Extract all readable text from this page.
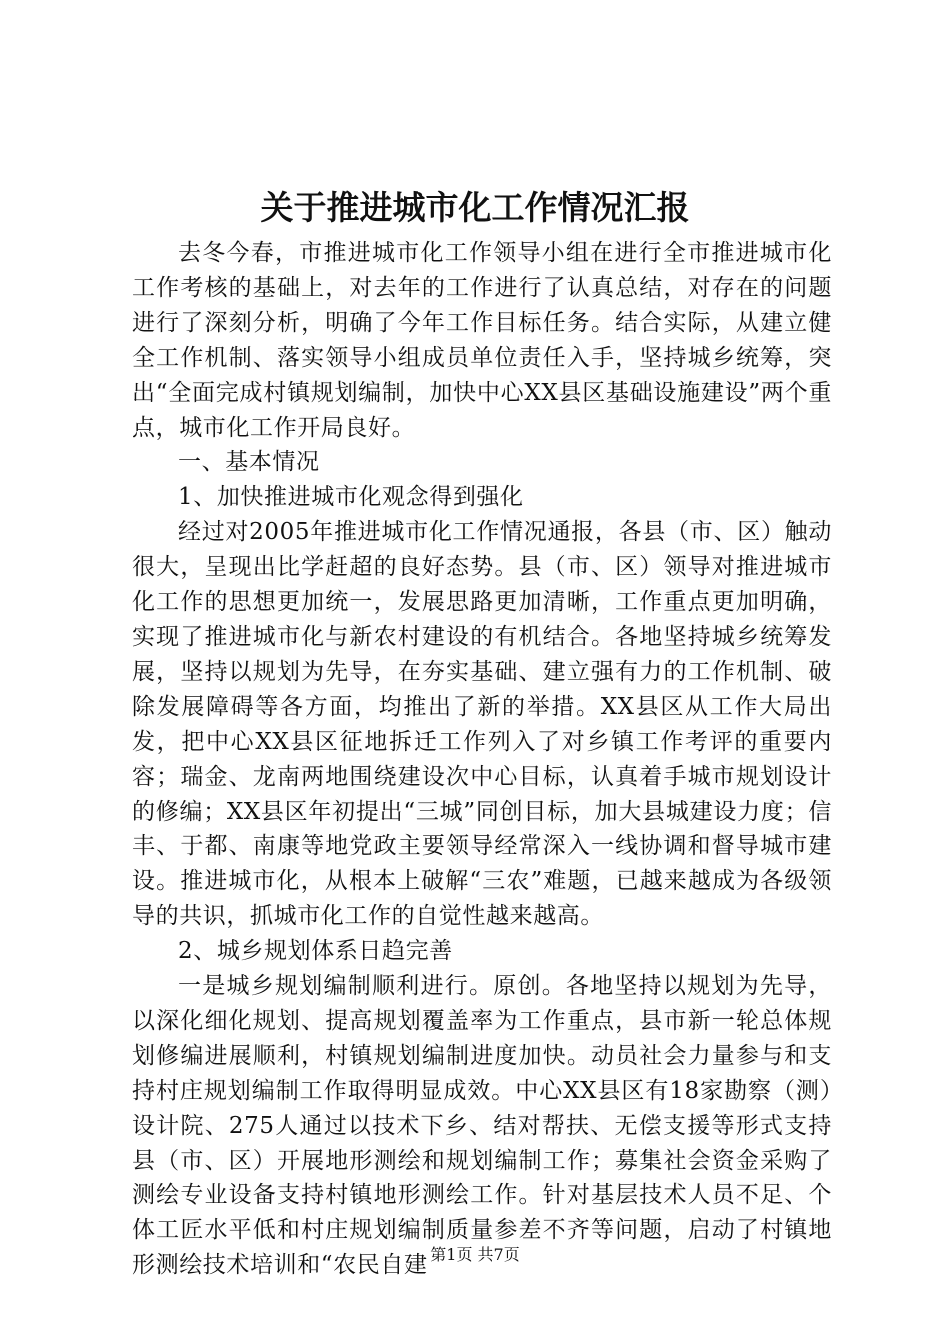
关于推进城市化工作情况汇报

去冬今春，市推进城市化工作领导小组在进行全市推进城市化工作考核的基础上，对去年的工作进行了认真总结，对存在的问题进行了深刻分析，明确了今年工作目标任务。结合实际，从建立健全工作机制、落实领导小组成员单位责任入手，坚持城乡统筹，突出“全面完成村镇规划编制，加快中心XX县区基础设施建设”两个重点，城市化工作开局良好。

一、基本情况

1、加快推进城市化观念得到强化

经过对2005年推进城市化工作情况通报，各县（市、区）触动很大，呈现出比学赶超的良好态势。县（市、区）领导对推进城市化工作的思想更加统一，发展思路更加清晰，工作重点更加明确，实现了推进城市化与新农村建设的有机结合。各地坚持城乡统筹发展，坚持以规划为先导，在夯实基础、建立强有力的工作机制、破除发展障碍等各方面，均推出了新的举措。XX县区从工作大局出发，把中心XX县区征地拆迁工作列入了对乡镇工作考评的重要内容；瑞金、龙南两地围绕建设次中心目标，认真着手城市规划设计的修编；XX县区年初提出“三城”同创目标，加大县城建设力度；信丰、于都、南康等地党政主要领导经常深入一线协调和督导城市建设。推进城市化，从根本上破解“三农”难题，已越来越成为各级领导的共识，抓城市化工作的自觉性越来越高。

2、城乡规划体系日趋完善

一是城乡规划编制顺利进行。原创。各地坚持以规划为先导，以深化细化规划、提高规划覆盖率为工作重点，县市新一轮总体规划修编进展顺利，村镇规划编制进度加快。动员社会力量参与和支持村庄规划编制工作取得明显成效。中心XX县区有18家勘察（测）设计院、275人通过以技术下乡、结对帮扶、无偿支援等形式支持县（市、区）开展地形测绘和规划编制工作；募集社会资金采购了测绘专业设备支持村镇地形测绘工作。针对基层技术人员不足、个体工匠水平低和村庄规划编制质量参差不齐等问题，启动了村镇地形测绘技术培训和“农民自建 第1页 共7页
